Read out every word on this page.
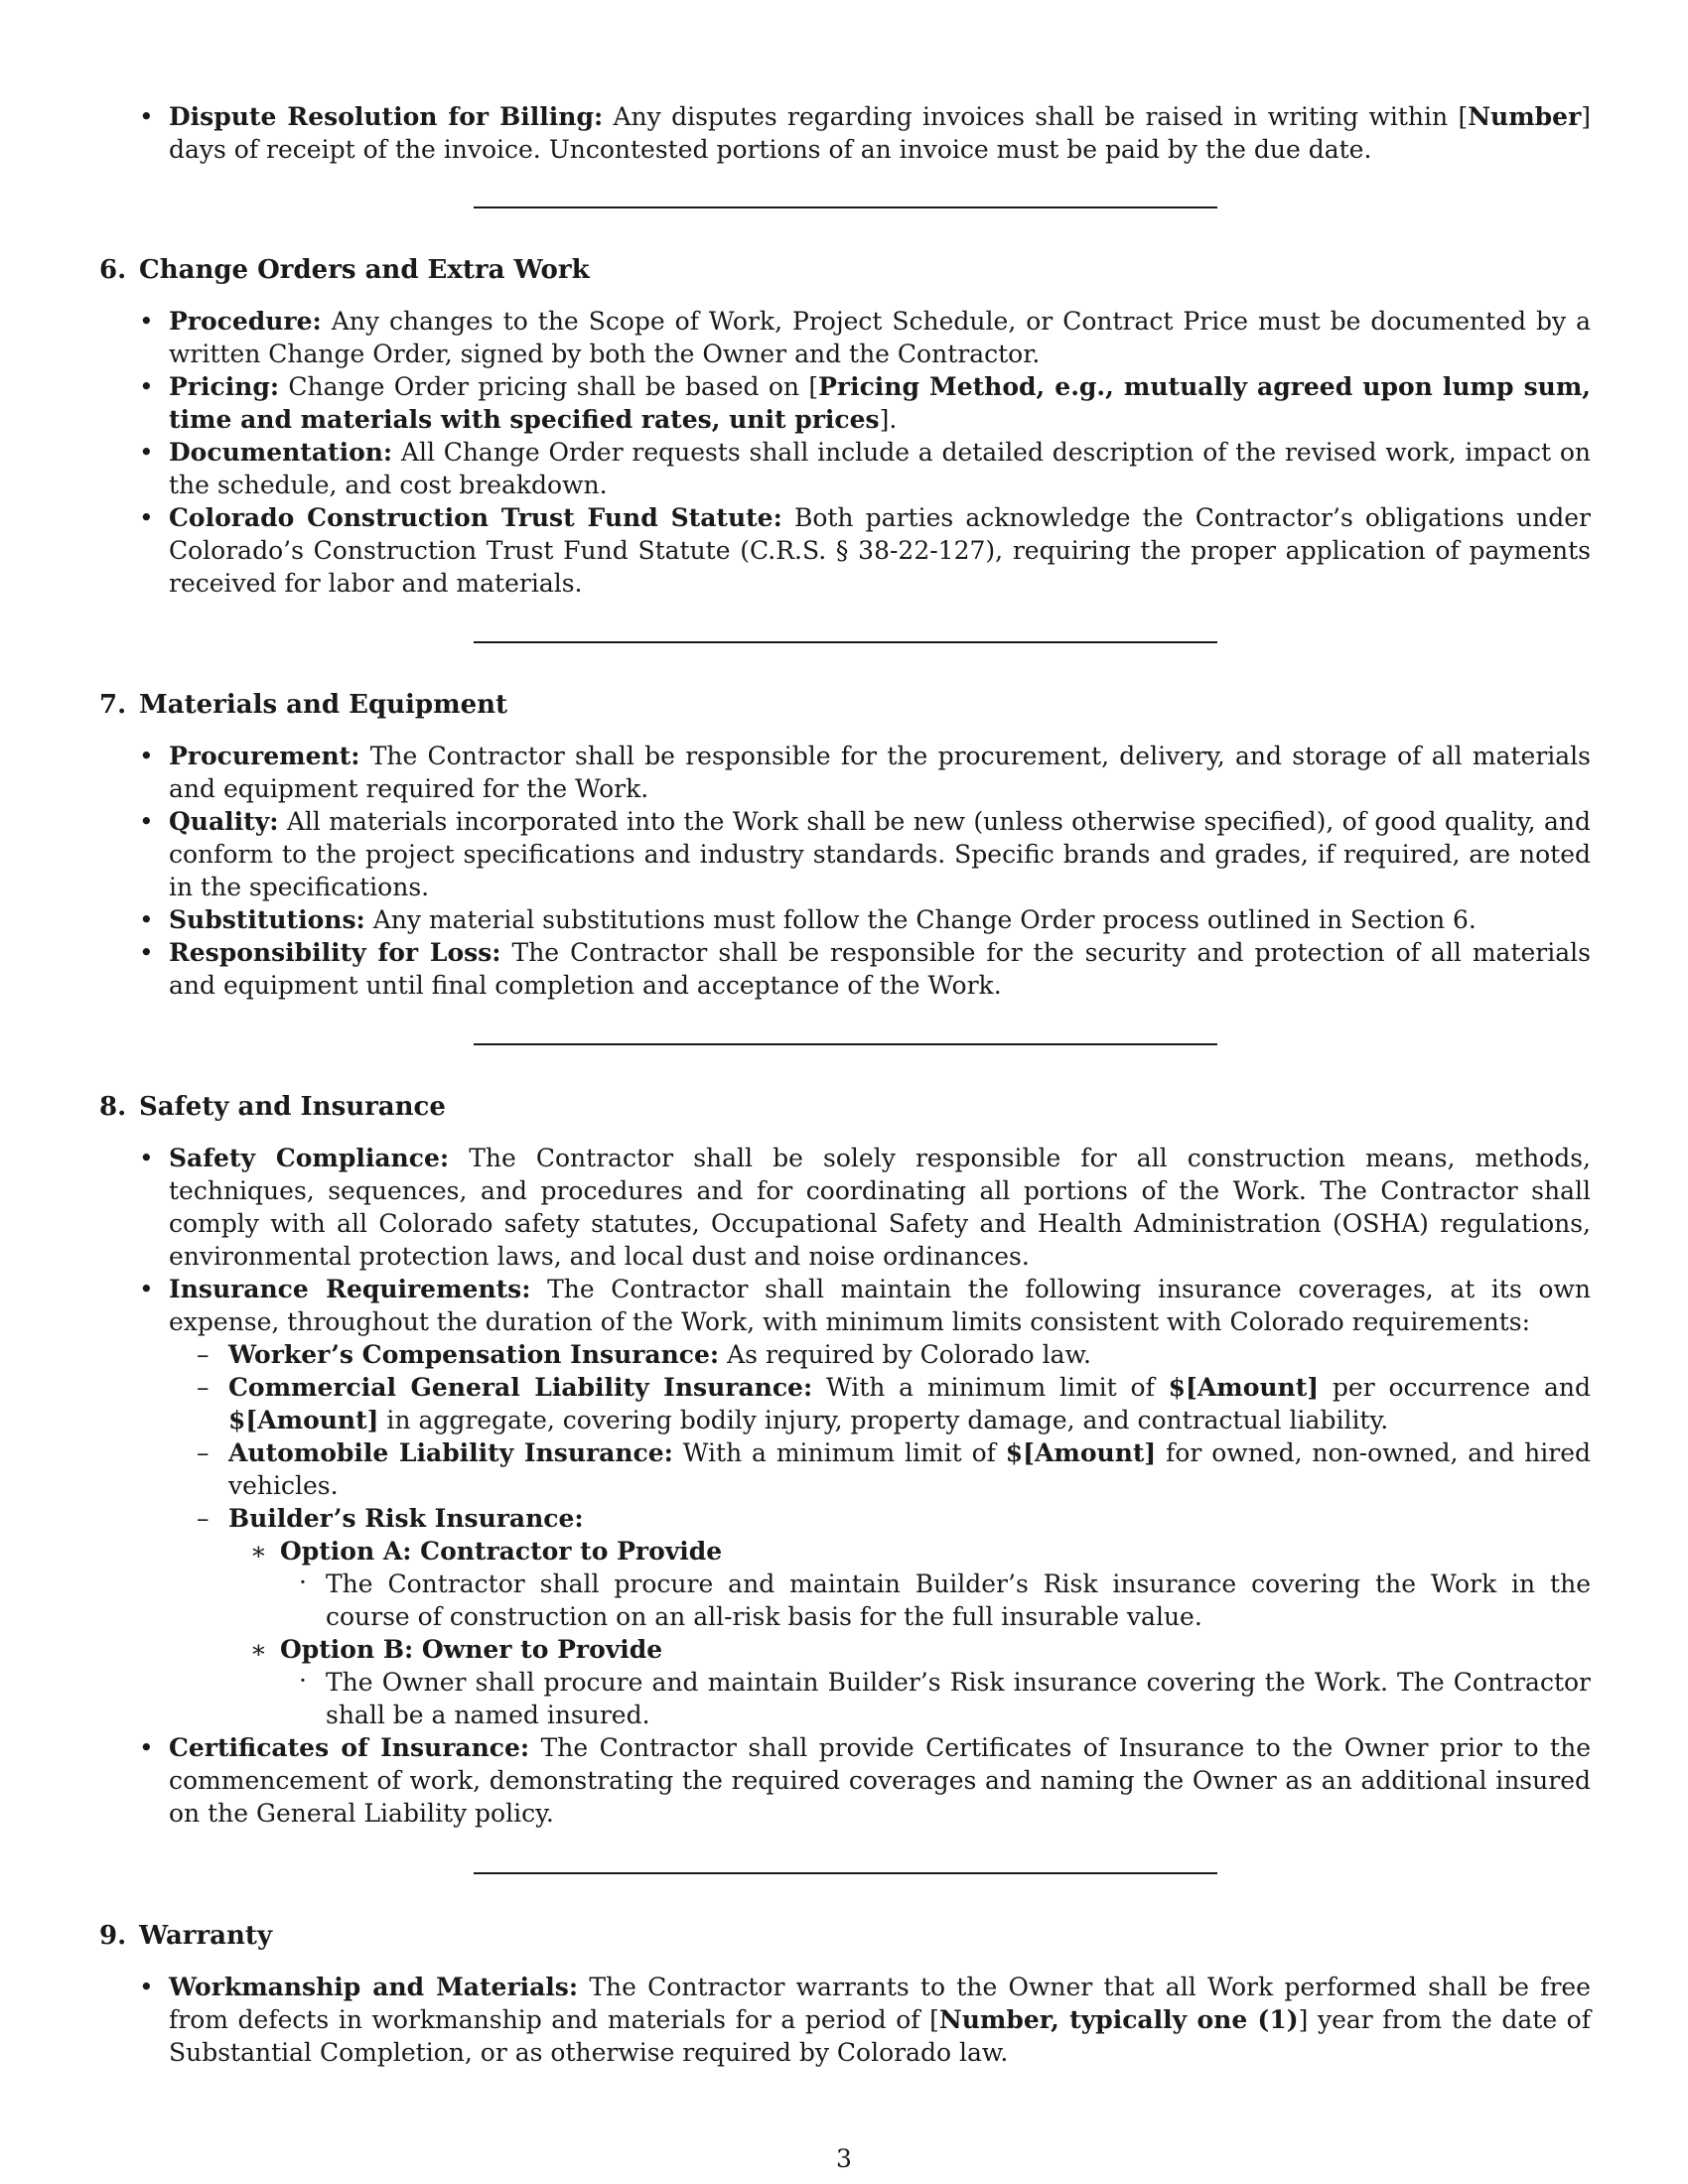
• Dispute Resolution for Billing: Any disputes regarding invoices shall be raised in writing within [Number] days of receipt of the invoice. Uncontested portions of an invoice must be paid by the due date.
6. Change Orders and Extra Work
• Procedure: Any changes to the Scope of Work, Project Schedule, or Contract Price must be documented by a written Change Order, signed by both the Owner and the Contractor.
• Pricing: Change Order pricing shall be based on [Pricing Method, e.g., mutually agreed upon lump sum, time and materials with specified rates, unit prices].
• Documentation: All Change Order requests shall include a detailed description of the revised work, impact on the schedule, and cost breakdown.
• Colorado Construction Trust Fund Statute: Both parties acknowledge the Contractor’s obligations under Colorado’s Construction Trust Fund Statute (C.R.S. § 38-22-127), requiring the proper application of payments received for labor and materials.
7. Materials and Equipment
• Procurement: The Contractor shall be responsible for the procurement, delivery, and storage of all materials and equipment required for the Work.
• Quality: All materials incorporated into the Work shall be new (unless otherwise specified), of good quality, and conform to the project specifications and industry standards. Specific brands and grades, if required, are noted in the specifications.
• Substitutions: Any material substitutions must follow the Change Order process outlined in Section 6.
• Responsibility for Loss: The Contractor shall be responsible for the security and protection of all materials and equipment until final completion and acceptance of the Work.
8. Safety and Insurance
• Safety Compliance: The Contractor shall be solely responsible for all construction means, methods, techniques, sequences, and procedures and for coordinating all portions of the Work. The Contractor shall comply with all Colorado safety statutes, Occupational Safety and Health Administration (OSHA) regulations, environmental protection laws, and local dust and noise ordinances.
• Insurance Requirements: The Contractor shall maintain the following insurance coverages, at its own expense, throughout the duration of the Work, with minimum limits consistent with Colorado requirements:
– Worker’s Compensation Insurance: As required by Colorado law.
– Commercial General Liability Insurance: With a minimum limit of $[Amount] per occurrence and $[Amount] in aggregate, covering bodily injury, property damage, and contractual liability.
– Automobile Liability Insurance: With a minimum limit of $[Amount] for owned, non-owned, and hired vehicles.
– Builder’s Risk Insurance:
∗ Option A: Contractor to Provide
· The Contractor shall procure and maintain Builder’s Risk insurance covering the Work in the course of construction on an all-risk basis for the full insurable value.
∗ Option B: Owner to Provide
· The Owner shall procure and maintain Builder’s Risk insurance covering the Work. The Contractor shall be a named insured.
• Certificates of Insurance: The Contractor shall provide Certificates of Insurance to the Owner prior to the commencement of work, demonstrating the required coverages and naming the Owner as an additional insured on the General Liability policy.
9. Warranty
• Workmanship and Materials: The Contractor warrants to the Owner that all Work performed shall be free from defects in workmanship and materials for a period of [Number, typically one (1)] year from the date of Substantial Completion, or as otherwise required by Colorado law.
3
